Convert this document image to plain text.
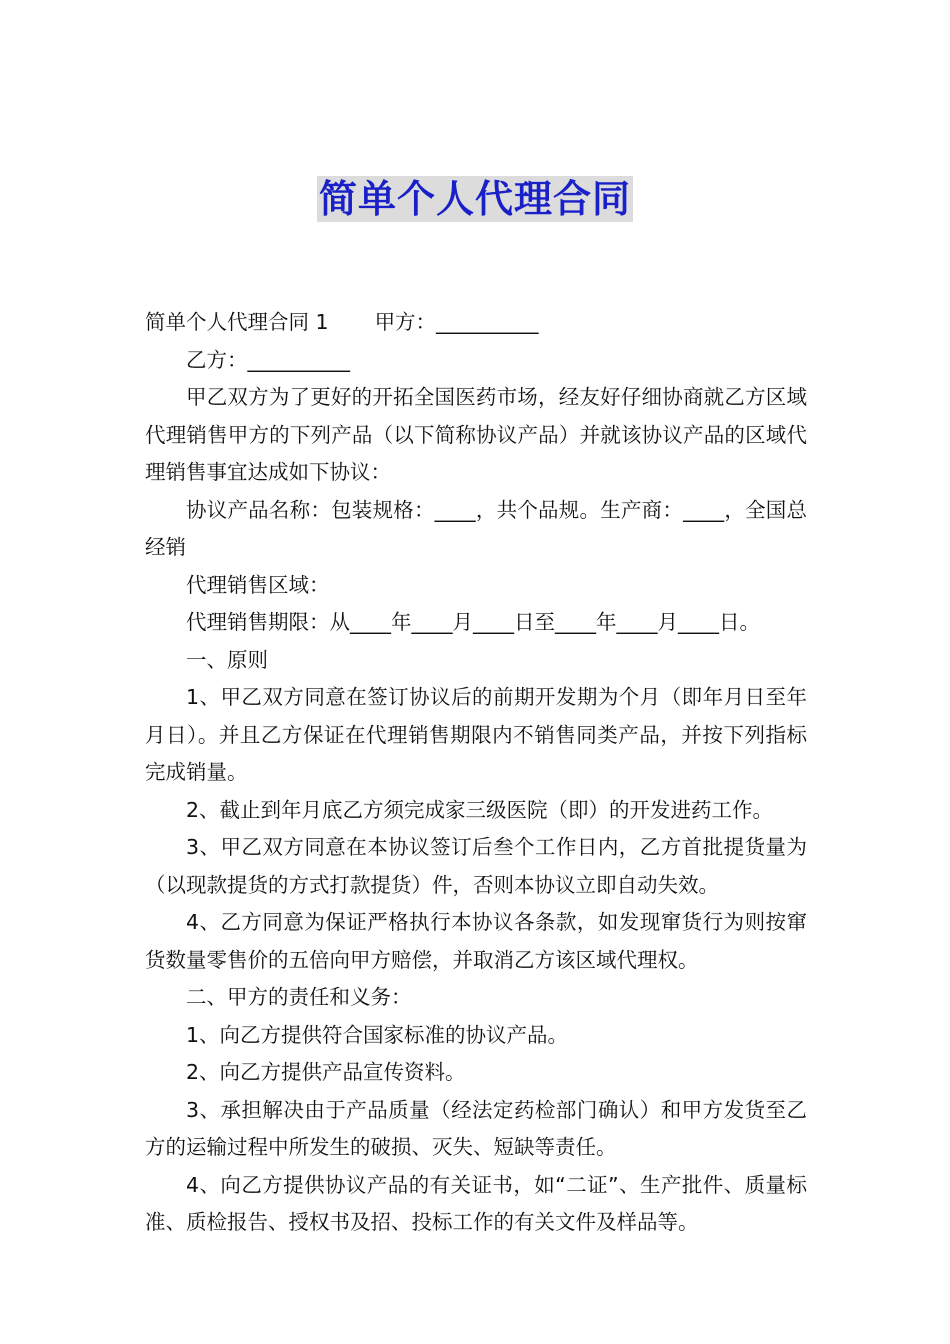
简单个人代理合同

简单个人代理合同 1 甲方：__________

乙方：__________

甲乙双方为了更好的开拓全国医药市场，经友好仔细协商就乙方区域代理销售甲方的下列产品（以下简称协议产品）并就该协议产品的区域代理销售事宜达成如下协议：

协议产品名称：包装规格：____，共个品规。生产商：____，全国总经销

代理销售区域：

代理销售期限：从____年____月____日至____年____月____日。

一、原则

1、甲乙双方同意在签订协议后的前期开发期为个月（即年月日至年月日）。并且乙方保证在代理销售期限内不销售同类产品，并按下列指标完成销量。

2、截止到年月底乙方须完成家三级医院（即）的开发进药工作。

3、甲乙双方同意在本协议签订后叁个工作日内，乙方首批提货量为（以现款提货的方式打款提货）件，否则本协议立即自动失效。

4、乙方同意为保证严格执行本协议各条款，如发现窜货行为则按窜货数量零售价的五倍向甲方赔偿，并取消乙方该区域代理权。

二、甲方的责任和义务：

1、向乙方提供符合国家标准的协议产品。

2、向乙方提供产品宣传资料。

3、承担解决由于产品质量（经法定药检部门确认）和甲方发货至乙方的运输过程中所发生的破损、灭失、短缺等责任。

4、向乙方提供协议产品的有关证书，如“二证”、生产批件、质量标准、质检报告、授权书及招、投标工作的有关文件及样品等。
